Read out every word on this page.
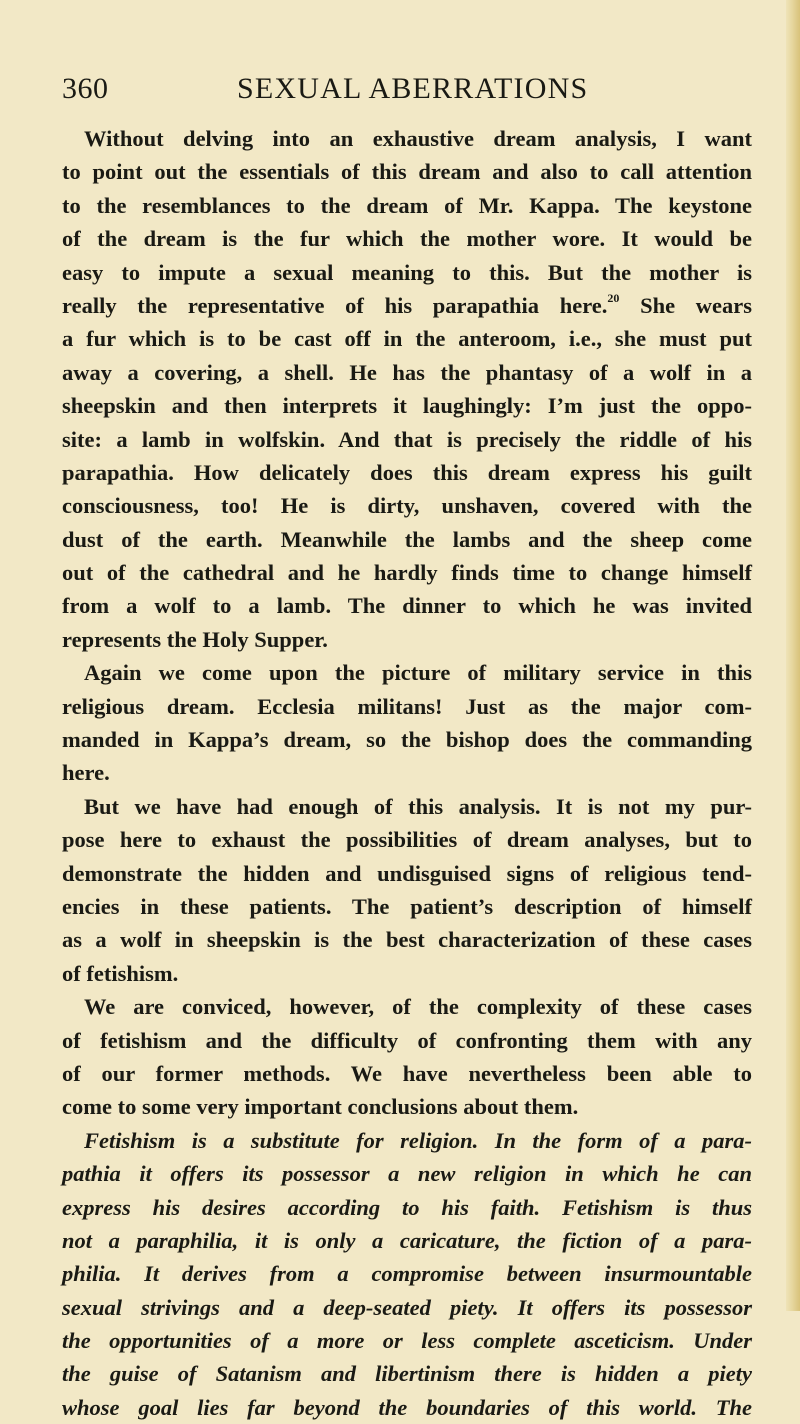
360	SEXUAL ABERRATIONS
Without delving into an exhaustive dream analysis, I want
to point out the essentials of this dream and also to call attention
to the resemblances to the dream of Mr. Kappa. The keystone
of the dream is the fur which the mother wore. It would be
easy to impute a sexual meaning to this. But the mother is
really the representative of his parapathia here.$^{20}$ She wears
a fur which is to be cast off in the anteroom, i.e., she must put
away a covering, a shell. He has the phantasy of a wolf in a
sheepskin and then interprets it laughingly: I’m just the oppo-
site: a lamb in wolfskin. And that is precisely the riddle of his
parapathia. How delicately does this dream express his guilt
consciousness, too! He is dirty, unshaven, covered with the
dust of the earth. Meanwhile the lambs and the sheep come
out of the cathedral and he hardly finds time to change himself
from a wolf to a lamb. The dinner to which he was invited
represents the Holy Supper.
Again we come upon the picture of military service in this
religious dream. Ecclesia militans! Just as the major com-
manded in Kappa’s dream, so the bishop does the commanding
here.
But we have had enough of this analysis. It is not my pur-
pose here to exhaust the possibilities of dream analyses, but to
demonstrate the hidden and undisguised signs of religious tend-
encies in these patients. The patient’s description of himself
as a wolf in sheepskin is the best characterization of these cases
of fetishism.
We are conviced, however, of the complexity of these cases
of fetishism and the difficulty of confronting them with any
of our former methods. We have nevertheless been able to
come to some very important conclusions about them.
Fetishism is a substitute for religion. In the form of a para-
pathia it offers its possessor a new religion in which he can
express his desires according to his faith. Fetishism is thus
not a paraphilia, it is only a caricature, the fiction of a para-
philia. It derives from a compromise between insurmountable
sexual strivings and a deep-seated piety. It offers its possessor
the opportunities of a more or less complete asceticism. Under
the guise of Satanism and libertinism there is hidden a piety
whose goal lies far beyond the boundaries of this world. The
